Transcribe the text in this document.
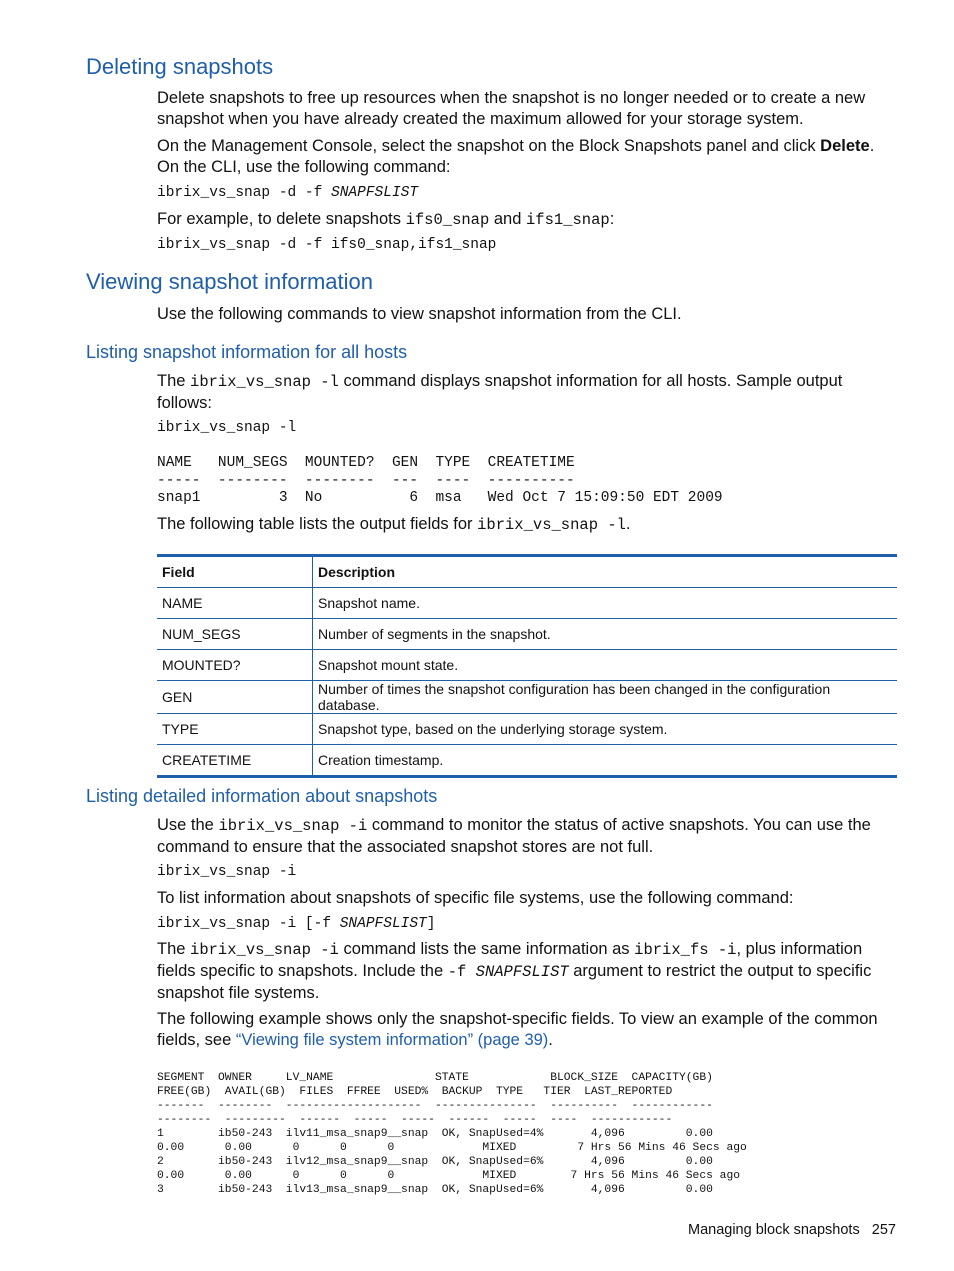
Deleting snapshots
Delete snapshots to free up resources when the snapshot is no longer needed or to create a new snapshot when you have already created the maximum allowed for your storage system.
On the Management Console, select the snapshot on the Block Snapshots panel and click Delete. On the CLI, use the following command:
ibrix_vs_snap -d -f SNAPFSLIST
For example, to delete snapshots ifs0_snap and ifs1_snap:
ibrix_vs_snap -d -f ifs0_snap,ifs1_snap
Viewing snapshot information
Use the following commands to view snapshot information from the CLI.
Listing snapshot information for all hosts
The ibrix_vs_snap -l command displays snapshot information for all hosts. Sample output follows:
ibrix_vs_snap -l

NAME   NUM_SEGS  MOUNTED?  GEN  TYPE  CREATETIME
-----  --------  --------  ---  ----  ----------
snap1         3  No          6  msa   Wed Oct 7 15:09:50 EDT 2009
The following table lists the output fields for ibrix_vs_snap -l.
Field	Description
NAME	Snapshot name.
NUM_SEGS	Number of segments in the snapshot.
MOUNTED?	Snapshot mount state.
GEN	Number of times the snapshot configuration has been changed in the configuration database.
TYPE	Snapshot type, based on the underlying storage system.
CREATETIME	Creation timestamp.
Listing detailed information about snapshots
Use the ibrix_vs_snap -i command to monitor the status of active snapshots. You can use the command to ensure that the associated snapshot stores are not full.
ibrix_vs_snap -i
To list information about snapshots of specific file systems, use the following command:
ibrix_vs_snap -i [-f SNAPFSLIST]
The ibrix_vs_snap -i command lists the same information as ibrix_fs -i, plus information fields specific to snapshots. Include the -f SNAPFSLIST argument to restrict the output to specific snapshot file systems.
The following example shows only the snapshot-specific fields. To view an example of the common fields, see “Viewing file system information” (page 39).
SEGMENT  OWNER     LV_NAME               STATE            BLOCK_SIZE  CAPACITY(GB)
FREE(GB)  AVAIL(GB)  FILES  FFREE  USED%  BACKUP  TYPE   TIER  LAST_REPORTED
-------  --------  --------------------  ---------------  ----------  ------------
--------  ---------  ------  -----  -----  ------  -----  ----  ------------
1        ib50-243  ilv11_msa_snap9__snap  OK, SnapUsed=4%       4,096         0.00
0.00      0.00      0      0      0             MIXED         7 Hrs 56 Mins 46 Secs ago
2        ib50-243  ilv12_msa_snap9__snap  OK, SnapUsed=6%       4,096         0.00
0.00      0.00      0      0      0             MIXED        7 Hrs 56 Mins 46 Secs ago
3        ib50-243  ilv13_msa_snap9__snap  OK, SnapUsed=6%       4,096         0.00
Managing block snapshots 257
